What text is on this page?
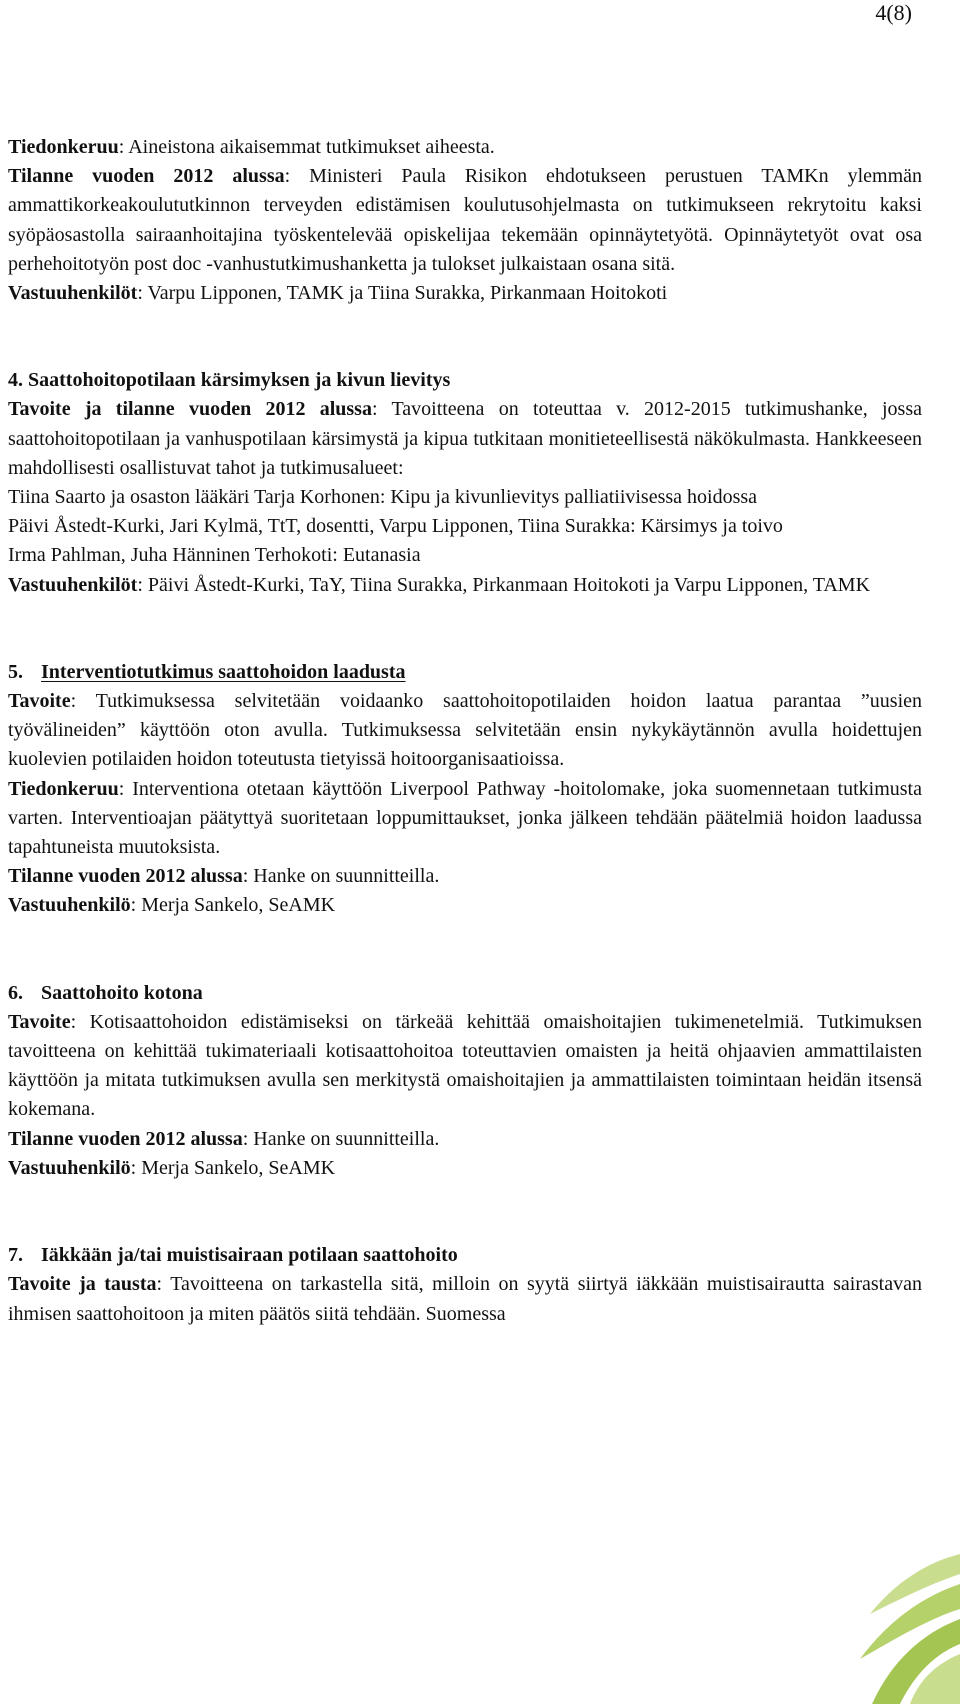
4(8)

Tiedonkeruu: Aineistona aikaisemmat tutkimukset aiheesta.

Tilanne vuoden 2012 alussa: Ministeri Paula Risikon ehdotukseen perustuen TAMKn ylemmän ammattikorkeakoulututkinnon terveyden edistämisen koulutusohjelmasta on tutkimukseen rekrytoitu kaksi syöpäosastolla sairaanhoitajina työskentelevää opiskelijaa tekemään opinnäytetyötä. Opinnäytetyöt ovat osa perhehoitotyön post doc -vanhustutkimushanketta ja tulokset julkaistaan osana sitä.

Vastuuhenkilöt: Varpu Lipponen, TAMK ja Tiina Surakka, Pirkanmaan Hoitokoti

4. Saattohoitopotilaan kärsimyksen ja kivun lievitys

Tavoite ja tilanne vuoden 2012 alussa: Tavoitteena on toteuttaa v. 2012-2015 tutkimushanke, jossa saattohoitopotilaan ja vanhuspotilaan kärsimystä ja kipua tutkitaan monitieteellisestä näkökulmasta. Hankkeeseen mahdollisesti osallistuvat tahot ja tutkimusalueet:

Tiina Saarto ja osaston lääkäri Tarja Korhonen: Kipu ja kivunlievitys palliatiivisessa hoidossa

Päivi Åstedt-Kurki, Jari Kylmä, TtT, dosentti, Varpu Lipponen, Tiina Surakka: Kärsimys ja toivo

Irma Pahlman, Juha Hänninen Terhokoti: Eutanasia

Vastuuhenkilöt: Päivi Åstedt-Kurki, TaY, Tiina Surakka, Pirkanmaan Hoitokoti ja Varpu Lipponen, TAMK

5. Interventiotutkimus saattohoidon laadusta

Tavoite: Tutkimuksessa selvitetään voidaanko saattohoitopotilaiden hoidon laatua parantaa ”uusien työvälineiden” käyttöön oton avulla. Tutkimuksessa selvitetään ensin nykykäytännön avulla hoidettujen kuolevien potilaiden hoidon toteutusta tietyissä hoitoorganisaatioissa.

Tiedonkeruu: Interventiona otetaan käyttöön Liverpool Pathway -hoitolomake, joka suomennetaan tutkimusta varten. Interventioajan päätyttyä suoritetaan loppumittaukset, jonka jälkeen tehdään päätelmiä hoidon laadussa tapahtuneista muutoksista.

Tilanne vuoden 2012 alussa: Hanke on suunnitteilla.

Vastuuhenkilö: Merja Sankelo, SeAMK

6. Saattohoito kotona

Tavoite: Kotisaattohoidon edistämiseksi on tärkeää kehittää omaishoitajien tukimenetelmiä. Tutkimuksen tavoitteena on kehittää tukimateriaali kotisaattohoitoa toteuttavien omaisten ja heitä ohjaavien ammattilaisten käyttöön ja mitata tutkimuksen avulla sen merkitystä omaishoitajien ja ammattilaisten toimintaan heidän itsensä kokemana.

Tilanne vuoden 2012 alussa: Hanke on suunnitteilla.

Vastuuhenkilö: Merja Sankelo, SeAMK

7. Iäkkään ja/tai muistisairaan potilaan saattohoito

Tavoite ja tausta: Tavoitteena on tarkastella sitä, milloin on syytä siirtyä iäkkään muistisairautta sairastavan ihmisen saattohoitoon ja miten päätös siitä tehdään. Suomessa
